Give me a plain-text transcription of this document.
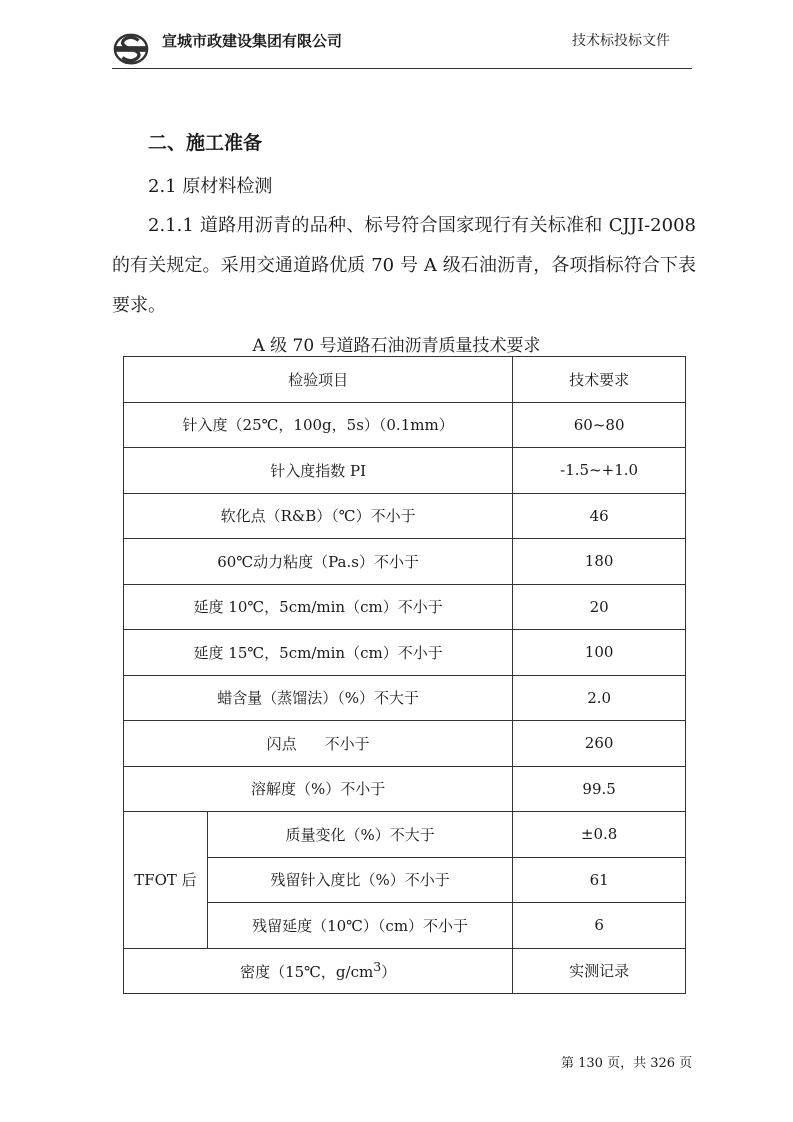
宣城市政建设集团有限公司	技术标投标文件
二、施工准备
2.1 原材料检测
2.1.1 道路用沥青的品种、标号符合国家现行有关标准和 CJJI-2008 的有关规定。采用交通道路优质 70 号 A 级石油沥青，各项指标符合下表要求。
A 级 70 号道路石油沥青质量技术要求
检验项目		技术要求
针入度（25℃，100g，5s）（0.1mm）		60~80
针入度指数 PI		-1.5~+1.0
软化点（R&B）（℃）不小于		46
60℃动力粘度（Pa.s）不小于		180
延度 10℃，5cm/min（cm）不小于		20
延度 15℃，5cm/min（cm）不小于		100
蜡含量（蒸馏法）（%）不大于		2.0
闪点 不小于		260
溶解度（%）不小于		99.5
TFOT 后	质量变化（%）不大于	±0.8
	残留针入度比（%）不小于	61
	残留延度（10℃）（cm）不小于	6
密度（15℃，$g/cm^3$）		实测记录
第 130 页，共 326 页
